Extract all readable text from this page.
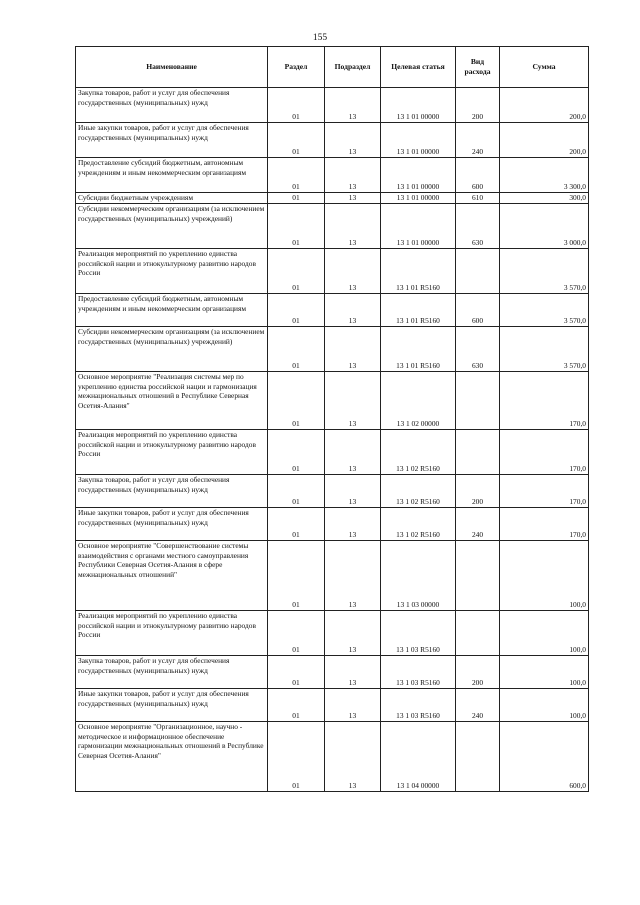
155
Наименование	Раздел	Подраздел	Целевая статья	Вид расхода	Сумма
Закупка товаров, работ и услуг для обеспечения государственных (муниципальных) нужд	01	13	13 1 01 00000	200	200,0
Иные закупки товаров, работ и услуг для обеспечения государственных (муниципальных) нужд	01	13	13 1 01 00000	240	200,0
Предоставление субсидий бюджетным, автономным учреждениям и иным некоммерческим организациям	01	13	13 1 01 00000	600	3 300,0
Субсидии бюджетным учреждениям	01	13	13 1 01 00000	610	300,0
Субсидии некоммерческим организациям (за исключением государственных (муниципальных) учреждений)	01	13	13 1 01 00000	630	3 000,0
Реализация мероприятий по укреплению единства российской нации и этнокультурному развитию народов России	01	13	13 1 01 R5160		3 570,0
Предоставление субсидий бюджетным, автономным учреждениям и иным некоммерческим организациям	01	13	13 1 01 R5160	600	3 570,0
Субсидии некоммерческим организациям (за исключением государственных (муниципальных) учреждений)	01	13	13 1 01 R5160	630	3 570,0
Основное мероприятие "Реализация системы мер по укреплению единства российской нации и гармонизация межнациональных отношений в Республике Северная Осетия-Алания"	01	13	13 1 02 00000		170,0
Реализация мероприятий по укреплению единства российской нации и этнокультурному развитию народов России	01	13	13 1 02 R5160		170,0
Закупка товаров, работ и услуг для обеспечения государственных (муниципальных) нужд	01	13	13 1 02 R5160	200	170,0
Иные закупки товаров, работ и услуг для обеспечения государственных (муниципальных) нужд	01	13	13 1 02 R5160	240	170,0
Основное мероприятие "Совершенствование системы взаимодействия с органами местного самоуправления Республики Северная Осетия-Алания в сфере межнациональных отношений"	01	13	13 1 03 00000		100,0
Реализация мероприятий по укреплению единства российской нации и этнокультурному развитию народов России	01	13	13 1 03 R5160		100,0
Закупка товаров, работ и услуг для обеспечения государственных (муниципальных) нужд	01	13	13 1 03 R5160	200	100,0
Иные закупки товаров, работ и услуг для обеспечения государственных (муниципальных) нужд	01	13	13 1 03 R5160	240	100,0
Основное мероприятие "Организационное, научно - методическое и информационное обеспечение гармонизации межнациональных отношений в Республике Северная Осетия-Алания"	01	13	13 1 04 00000		600,0
